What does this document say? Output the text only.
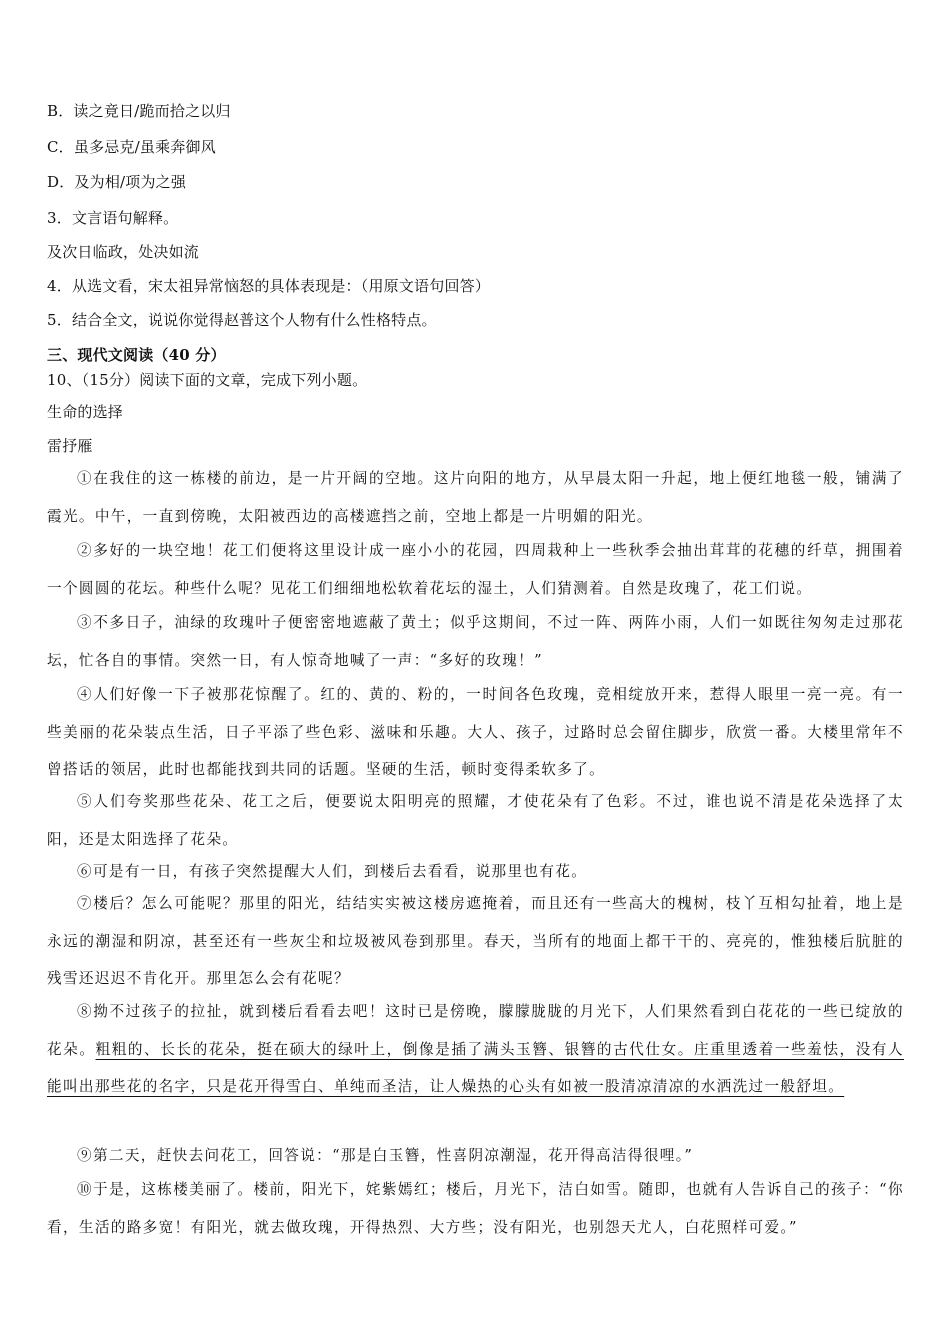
B．读之竟日/跪而拾之以归
C．虽多忌克/虽乘奔御风
D．及为相/项为之强
3．文言语句解释。
及次日临政，处决如流
4．从选文看，宋太祖异常恼怒的具体表现是：（用原文语句回答）
5．结合全文，说说你觉得赵普这个人物有什么性格特点。
三、现代文阅读（40 分）
10、（15分）阅读下面的文章，完成下列小题。
生命的选择
雷抒雁
①在我住的这一栋楼的前边，是一片开阔的空地。这片向阳的地方，从早晨太阳一升起，地上便红地毯一般，铺满了霞光。中午，一直到傍晚，太阳被西边的高楼遮挡之前，空地上都是一片明媚的阳光。
②多好的一块空地！花工们便将这里设计成一座小小的花园，四周栽种上一些秋季会抽出茸茸的花穗的纤草，拥围着一个圆圆的花坛。种些什么呢？见花工们细细地松软着花坛的湿土，人们猜测着。自然是玫瑰了，花工们说。
③不多日子，油绿的玫瑰叶子便密密地遮蔽了黄土；似乎这期间，不过一阵、两阵小雨，人们一如既往匆匆走过那花坛，忙各自的事情。突然一日，有人惊奇地喊了一声：“多好的玫瑰！”
④人们好像一下子被那花惊醒了。红的、黄的、粉的，一时间各色玫瑰，竞相绽放开来，惹得人眼里一亮一亮。有一些美丽的花朵装点生活，日子平添了些色彩、滋味和乐趣。大人、孩子，过路时总会留住脚步，欣赏一番。大楼里常年不曾搭话的领居，此时也都能找到共同的话题。坚硬的生活，顿时变得柔软多了。
⑤人们夸奖那些花朵、花工之后，便要说太阳明亮的照耀，才使花朵有了色彩。不过，谁也说不清是花朵选择了太阳，还是太阳选择了花朵。
⑥可是有一日，有孩子突然提醒大人们，到楼后去看看，说那里也有花。
⑦楼后？怎么可能呢？那里的阳光，结结实实被这楼房遮掩着，而且还有一些高大的槐树，枝丫互相勾扯着，地上是永远的潮湿和阴凉，甚至还有一些灰尘和垃圾被风卷到那里。春天，当所有的地面上都干干的、亮亮的，惟独楼后肮脏的残雪还迟迟不肯化开。那里怎么会有花呢？
⑧拗不过孩子的拉扯，就到楼后看看去吧！这时已是傍晚，朦朦胧胧的月光下，人们果然看到白花花的一些已绽放的花朵。粗粗的、长长的花朵，挺在硕大的绿叶上，倒像是插了满头玉簪、银簪的古代仕女。庄重里透着一些羞怯，没有人能叫出那些花的名字，只是花开得雪白、单纯而圣洁，让人燥热的心头有如被一股清凉清凉的水洒洗过一般舒坦。
⑨第二天，赶快去问花工，回答说：“那是白玉簪，性喜阴凉潮湿，花开得高洁得很哩。”
⑩于是，这栋楼美丽了。楼前，阳光下，姹紫嫣红；楼后，月光下，洁白如雪。随即，也就有人告诉自己的孩子：“你看，生活的路多宽！有阳光，就去做玫瑰，开得热烈、大方些；没有阳光，也别怨天尤人，白花照样可爱。”
